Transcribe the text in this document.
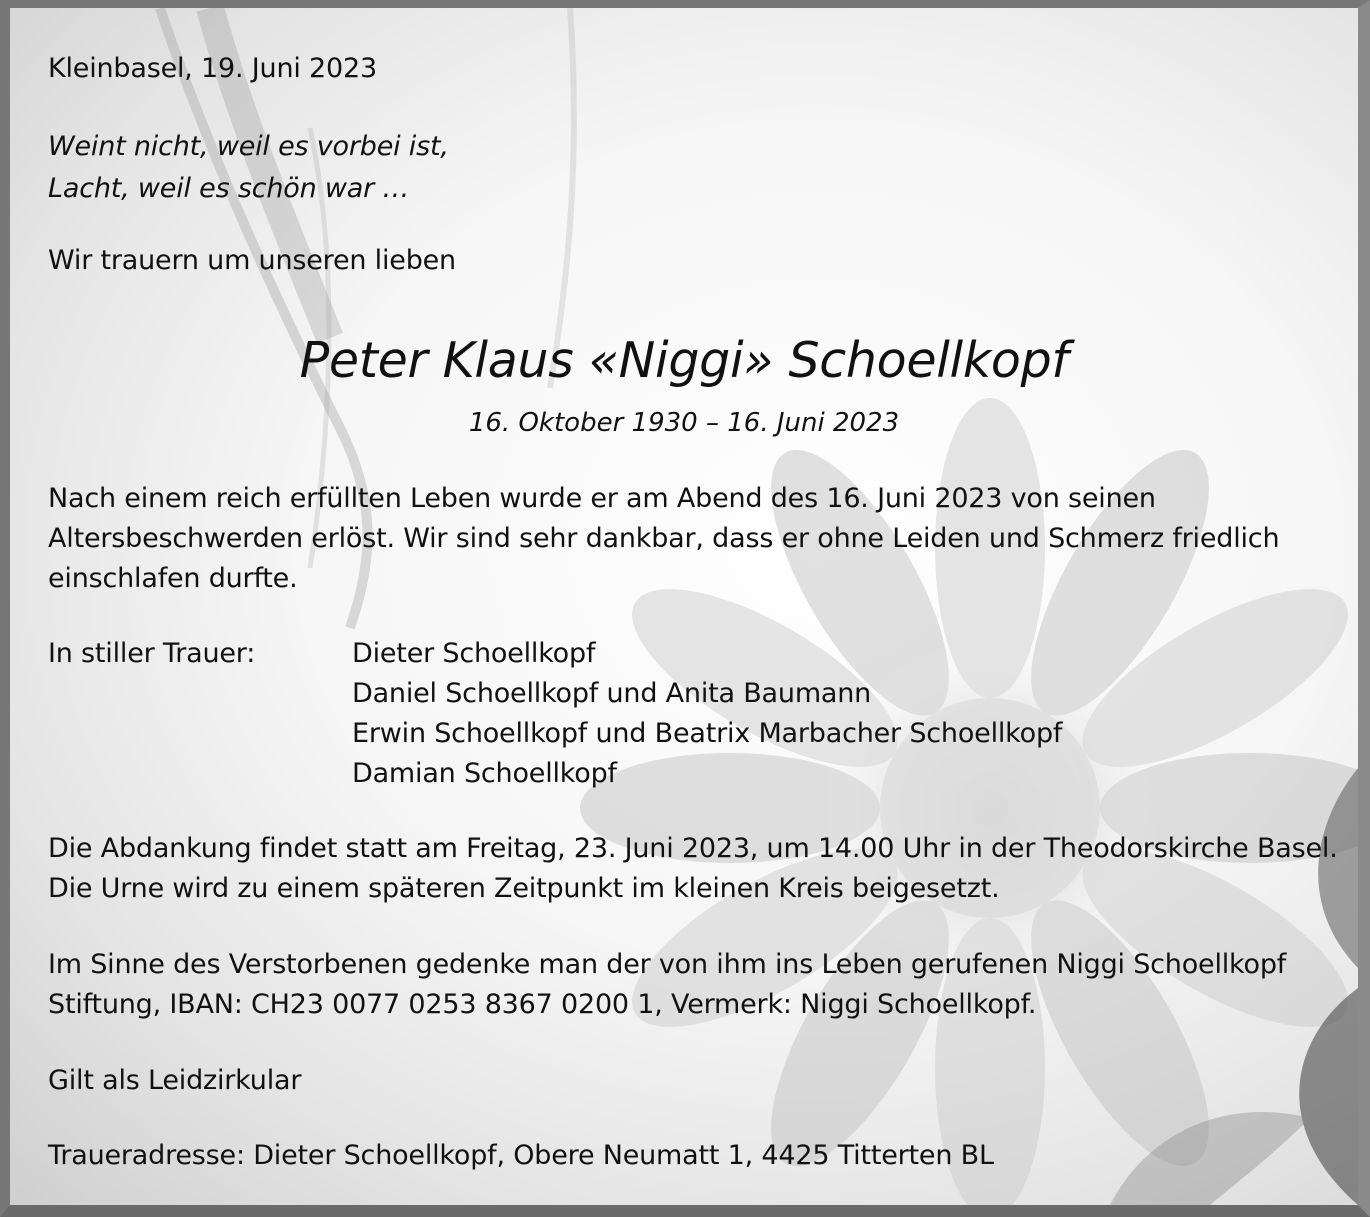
Kleinbasel, 19. Juni 2023
Weint nicht, weil es vorbei ist,
Lacht, weil es schön war …
Wir trauern um unseren lieben
Peter Klaus «Niggi» Schoellkopf
16. Oktober 1930 – 16. Juni 2023
Nach einem reich erfüllten Leben wurde er am Abend des 16. Juni 2023 von seinen
Altersbeschwerden erlöst. Wir sind sehr dankbar, dass er ohne Leiden und Schmerz friedlich
einschlafen durfte.
In stiller Trauer:	Dieter Schoellkopf
Daniel Schoellkopf und Anita Baumann
Erwin Schoellkopf und Beatrix Marbacher Schoellkopf
Damian Schoellkopf
Die Abdankung findet statt am Freitag, 23. Juni 2023, um 14.00 Uhr in der Theodorskirche Basel.
Die Urne wird zu einem späteren Zeitpunkt im kleinen Kreis beigesetzt.
Im Sinne des Verstorbenen gedenke man der von ihm ins Leben gerufenen Niggi Schoellkopf
Stiftung, IBAN: CH23 0077 0253 8367 0200 1, Vermerk: Niggi Schoellkopf.
Gilt als Leidzirkular
Traueradresse: Dieter Schoellkopf, Obere Neumatt 1, 4425 Titterten BL
